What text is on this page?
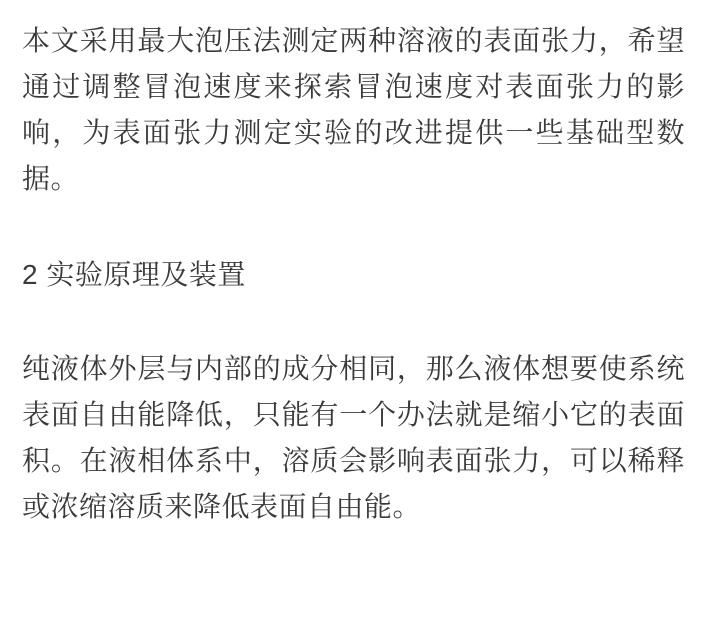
本文采用最大泡压法测定两种溶液的表面张力，希望通过调整冒泡速度来探索冒泡速度对表面张力的影响，为表面张力测定实验的改进提供一些基础型数据。

2 实验原理及装置

纯液体外层与内部的成分相同，那么液体想要使系统表面自由能降低，只能有一个办法就是缩小它的表面积。在液相体系中，溶质会影响表面张力，可以稀释或浓缩溶质来降低表面自由能。
